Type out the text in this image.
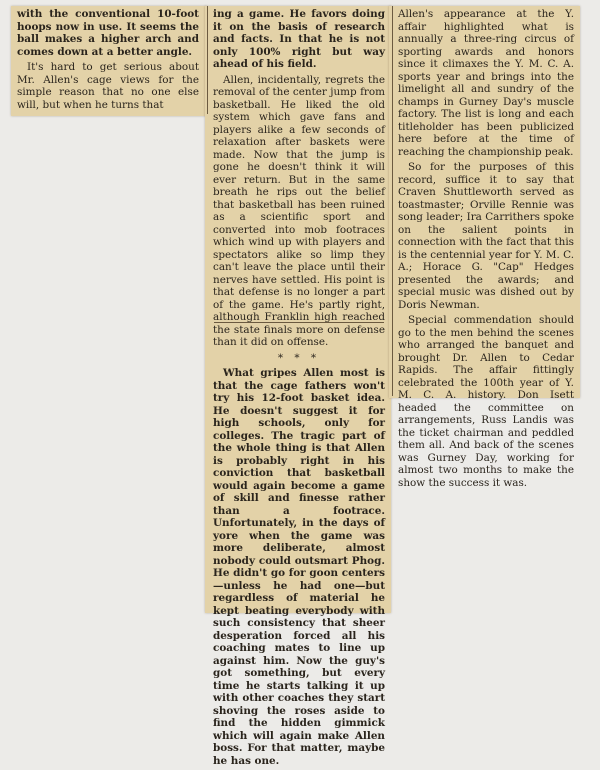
with the conventional 10-foot hoops now in use. It seems the ball makes a higher arch and comes down at a better angle.

It's hard to get serious about Mr. Allen's cage views for the simple reason that no one else will, but when he turns that

ing a game. He favors doing it on the basis of research and facts. In that he is not only 100% right but way ahead of his field.

Allen, incidentally, regrets the removal of the center jump from basketball. He liked the old system which gave fans and players alike a few seconds of relaxation after baskets were made. Now that the jump is gone he doesn't think it will ever return. But in the same breath he rips out the belief that basketball has been ruined as a scientific sport and converted into mob footraces which wind up with players and spectators alike so limp they can't leave the place until their nerves have settled. His point is that defense is no longer a part of the game. He's partly right, although Franklin high reached the state finals more on defense than it did on offense.

* * *

What gripes Allen most is that the cage fathers won't try his 12-foot basket idea. He doesn't suggest it for high schools, only for colleges. The tragic part of the whole thing is that Allen is probably right in his conviction that basketball would again become a game of skill and finesse rather than a footrace. Unfortunately, in the days of yore when the game was more deliberate, almost nobody could outsmart Phog. He didn't go for goon centers—unless he had one—but regardless of material he kept beating everybody with such consistency that sheer desperation forced all his coaching mates to line up against him. Now the guy's got something, but every time he starts talking it up with other coaches they start shoving the roses aside to find the hidden gimmick which will again make Allen boss. For that matter, maybe he has one.

Allen's appearance at the Y. affair highlighted what is annually a three-ring circus of sporting awards and honors since it climaxes the Y. M. C. A. sports year and brings into the limelight all and sundry of the champs in Gurney Day's muscle factory. The list is long and each titleholder has been publicized here before at the time of reaching the championship peak.

So for the purposes of this record, suffice it to say that Craven Shuttleworth served as toastmaster; Orville Rennie was song leader; Ira Carrithers spoke on the salient points in connection with the fact that this is the centennial year for Y. M. C. A.; Horace G. "Cap" Hedges presented the awards; and special music was dished out by Doris Newman.

Special commendation should go to the men behind the scenes who arranged the banquet and brought Dr. Allen to Cedar Rapids. The affair fittingly celebrated the 100th year of Y. M. C. A. history. Don Isett headed the committee on arrangements, Russ Landis was the ticket chairman and peddled them all. And back of the scenes was Gurney Day, working for almost two months to make the show the success it was.
